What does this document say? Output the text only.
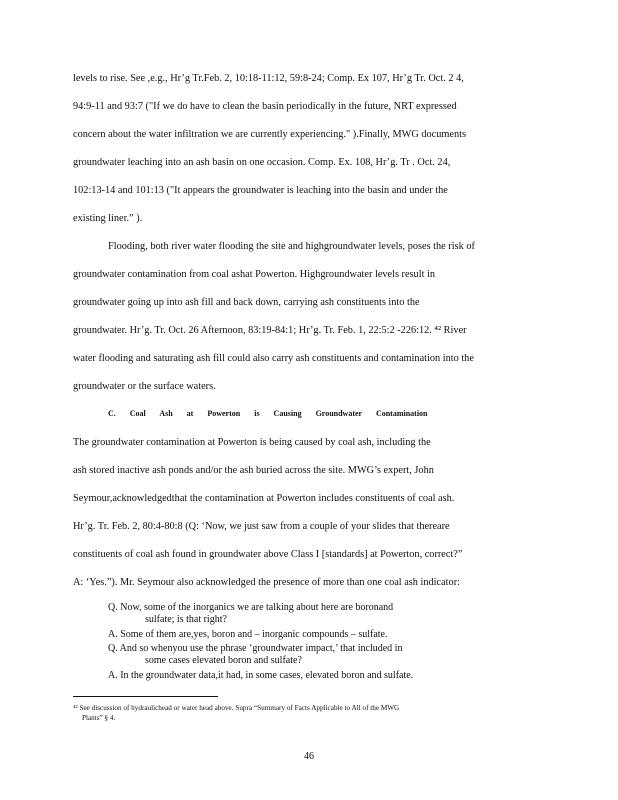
levels to rise. See ,e.g., Hr’g Tr.Feb. 2, 10:18-11:12, 59:8-24; Comp. Ex 107, Hr’g Tr. Oct. 2 4,
94:9-11 and 93:7 ("If we do have to clean the basin periodically in the future, NRT expressed
concern about the water infiltration we are currently experiencing." ).Finally, MWG documents
groundwater leaching into an ash basin on one occasion. Comp. Ex. 108, Hr’g. Tr . Oct. 24,
102:13-14 and 101:13 ("It appears the groundwater is leaching into the basin and under the
existing liner.” ).
Flooding, both river water flooding the site and highgroundwater levels, poses the risk of
groundwater contamination from coal ashat Powerton. Highgroundwater levels result in
groundwater going up into ash fill and back down, carrying ash constituents into the
groundwater. Hr’g. Tr. Oct. 26 Afternoon, 83:19-84:1; Hr’g. Tr. Feb. 1, 22:5:2 -226:12. ⁴² River
water flooding and saturating ash fill could also carry ash constituents and contamination into the
groundwater or the surface waters.
The groundwater contamination at Powerton is being caused by coal ash, including the
ash stored inactive ash ponds and/or the ash buried across the site. MWG’s expert, John
Seymour,acknowledgedthat the contamination at Powerton includes constituents of coal ash.
Hr’g. Tr. Feb. 2, 80:4-80:8 (Q: ‘Now, we just saw from a couple of your slides that thereare
constituents of coal ash found in groundwater above Class I [standards] at Powerton, correct?”
A: ‘Yes.”). Mr. Seymour also acknowledged the presence of more than one coal ash indicator:
C. Coal Ash at Powerton is Causing Groundwater Contamination
Q. Now, some of the inorganics we are talking about here are boronand
sulfate; is that right?
A. Some of them are,yes, boron and – inorganic compounds – sulfate.
Q. And so whenyou use the phrase ‘groundwater impact,’ that included in
some cases elevated boron and sulfate?
A. In the groundwater data,it had, in some cases, elevated boron and sulfate.
⁴² See discussion of hydraulichead or water head above. Supra “Summary of Facts Applicable to All of the MWG
Plants” § 4.
46
